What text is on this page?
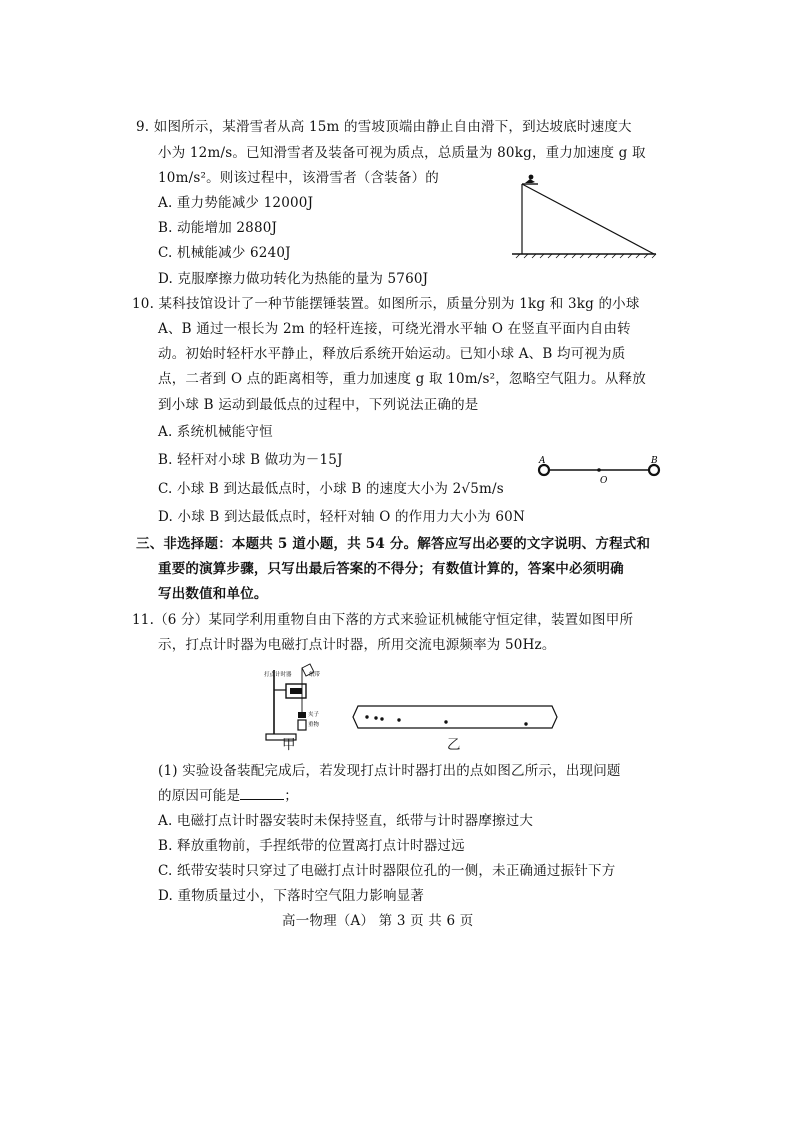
9. 如图所示，某滑雪者从高 15m 的雪坡顶端由静止自由滑下，到达坡底时速度大
小为 12m/s。已知滑雪者及装备可视为质点，总质量为 80kg，重力加速度 g 取
10m/s²。则该过程中，该滑雪者（含装备）的
A. 重力势能减少 12000J
B. 动能增加 2880J
C. 机械能减少 6240J
D. 克服摩擦力做功转化为热能的量为 5760J
10. 某科技馆设计了一种节能摆锤装置。如图所示，质量分别为 1kg 和 3kg 的小球
A、B 通过一根长为 2m 的轻杆连接，可绕光滑水平轴 O 在竖直平面内自由转
动。初始时轻杆水平静止，释放后系统开始运动。已知小球 A、B 均可视为质
点，二者到 O 点的距离相等，重力加速度 g 取 10m/s²，忽略空气阻力。从释放
到小球 B 运动到最低点的过程中，下列说法正确的是
A. 系统机械能守恒
B. 轻杆对小球 B 做功为－15J
C. 小球 B 到达最低点时，小球 B 的速度大小为 2√5m/s
D. 小球 B 到达最低点时，轻杆对轴 O 的作用力大小为 60N
A	B
O
三、非选择题：本题共 5 道小题，共 54 分。解答应写出必要的文字说明、方程式和
重要的演算步骤，只写出最后答案的不得分；有数值计算的，答案中必须明确
写出数值和单位。
11.（6 分）某同学利用重物自由下落的方式来验证机械能守恒定律，装置如图甲所
示，打点计时器为电磁打点计时器，所用交流电源频率为 50Hz。
打点计时器	纸带
夹子
重物
甲	乙
(1) 实验设备装配完成后，若发现打点计时器打出的点如图乙所示，出现问题
的原因可能是	；
A. 电磁打点计时器安装时未保持竖直，纸带与计时器摩擦过大
B. 释放重物前，手捏纸带的位置离打点计时器过远
C. 纸带安装时只穿过了电磁打点计时器限位孔的一侧，未正确通过振针下方
D. 重物质量过小，下落时空气阻力影响显著
高一物理（A） 第 3 页 共 6 页
